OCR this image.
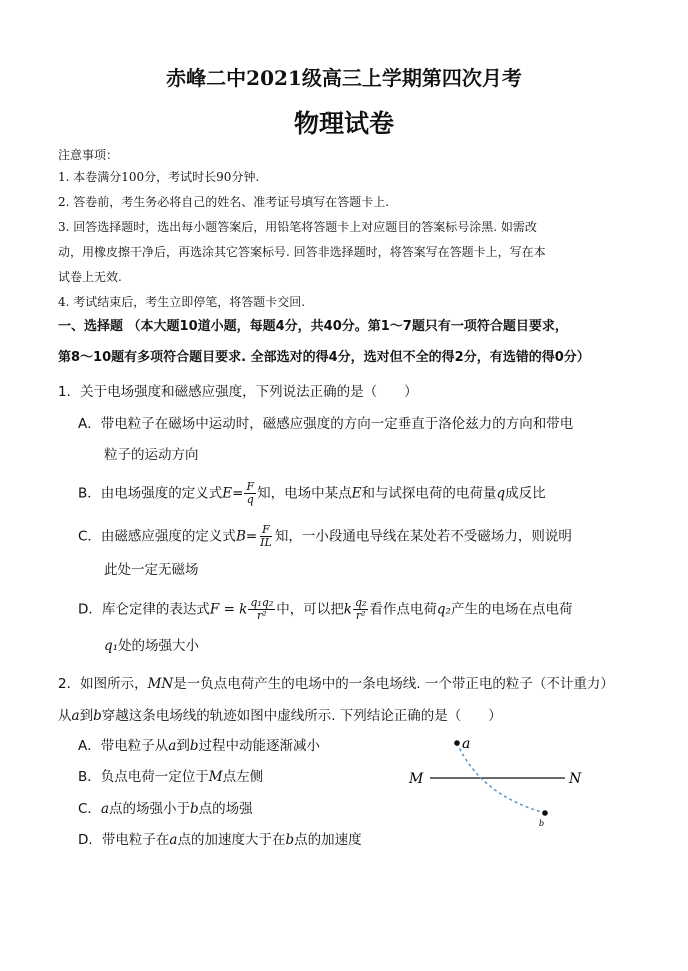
赤峰二中2021级高三上学期第四次月考
物理试卷
注意事项：
1. 本卷满分100分，考试时长90分钟.
2. 答卷前，考生务必将自己的姓名、准考证号填写在答题卡上.
3. 回答选择题时，选出每小题答案后，用铅笔将答题卡上对应题目的答案标号涂黑. 如需改
动，用橡皮擦干净后，再选涂其它答案标号. 回答非选择题时，将答案写在答题卡上，写在本
试卷上无效.
4. 考试结束后，考生立即停笔，将答题卡交回.
一、选择题 （本大题10道小题，每题4分，共40分。第1～7题只有一项符合题目要求，
第8～10题有多项符合题目要求. 全部选对的得4分，选对但不全的得2分，有选错的得0分）
1．关于电场强度和磁感应强度，下列说法正确的是（　　）
A．带电粒子在磁场中运动时，磁感应强度的方向一定垂直于洛伦兹力的方向和带电
粒子的运动方向
B．由电场强度的定义式$E= \frac{F}{q}$ 知，电场中某点E和与试探电荷的电荷量q成反比
C．由磁感应强度的定义式$B= \frac{F}{IL}$ 知，一小段通电导线在某处若不受磁场力，则说明
此处一定无磁场
D．库仑定律的表达式F = k $\frac{\text{q₁q₂}}{\text{r²}}$ 中，可以把k $\frac{\text{q₂}}{\text{r²}}$ 看作点电荷q₂产生的电场在点电荷
q₁处的场强大小
2．如图所示，MN是一负点电荷产生的电场中的一条电场线. 一个带正电的粒子（不计重力）
从a到b穿越这条电场线的轨迹如图中虚线所示. 下列结论正确的是（　　）
A．带电粒子从a到b过程中动能逐渐减小
B．负点电荷一定位于M点左侧
C．a点的场强小于b点的场强
D．带电粒子在a点的加速度大于在b点的加速度
a
b
M	N
